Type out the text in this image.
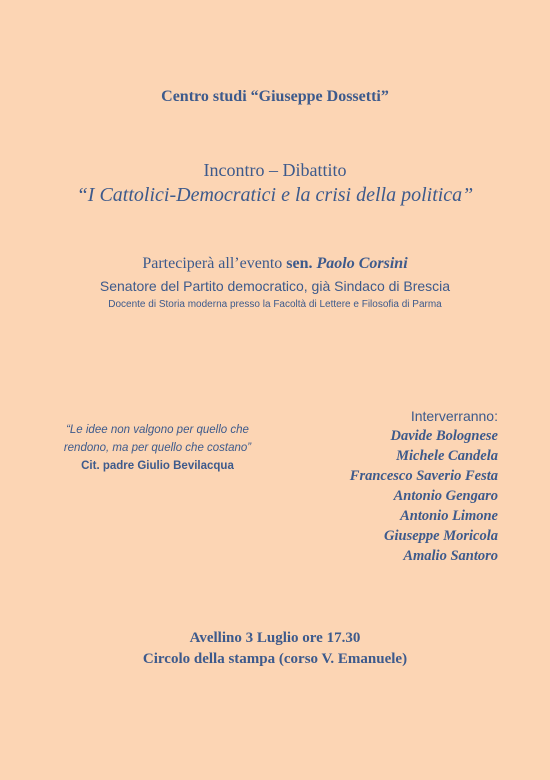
Centro studi “Giuseppe Dossetti”
Incontro – Dibattito
“I Cattolici-Democratici e la crisi della politica”
Parteciperà all’evento sen. Paolo Corsini
Senatore del Partito democratico, già Sindaco di Brescia
Docente di Storia moderna presso la Facoltà di Lettere e Filosofia di Parma
“Le idee non valgono per quello che rendono, ma per quello che costano”
Cit. padre Giulio Bevilacqua
Interverranno:
Davide Bolognese
Michele Candela
Francesco Saverio Festa
Antonio Gengaro
Antonio Limone
Giuseppe Moricola
Amalio Santoro
Avellino 3 Luglio ore 17.30
Circolo della stampa (corso V. Emanuele)
